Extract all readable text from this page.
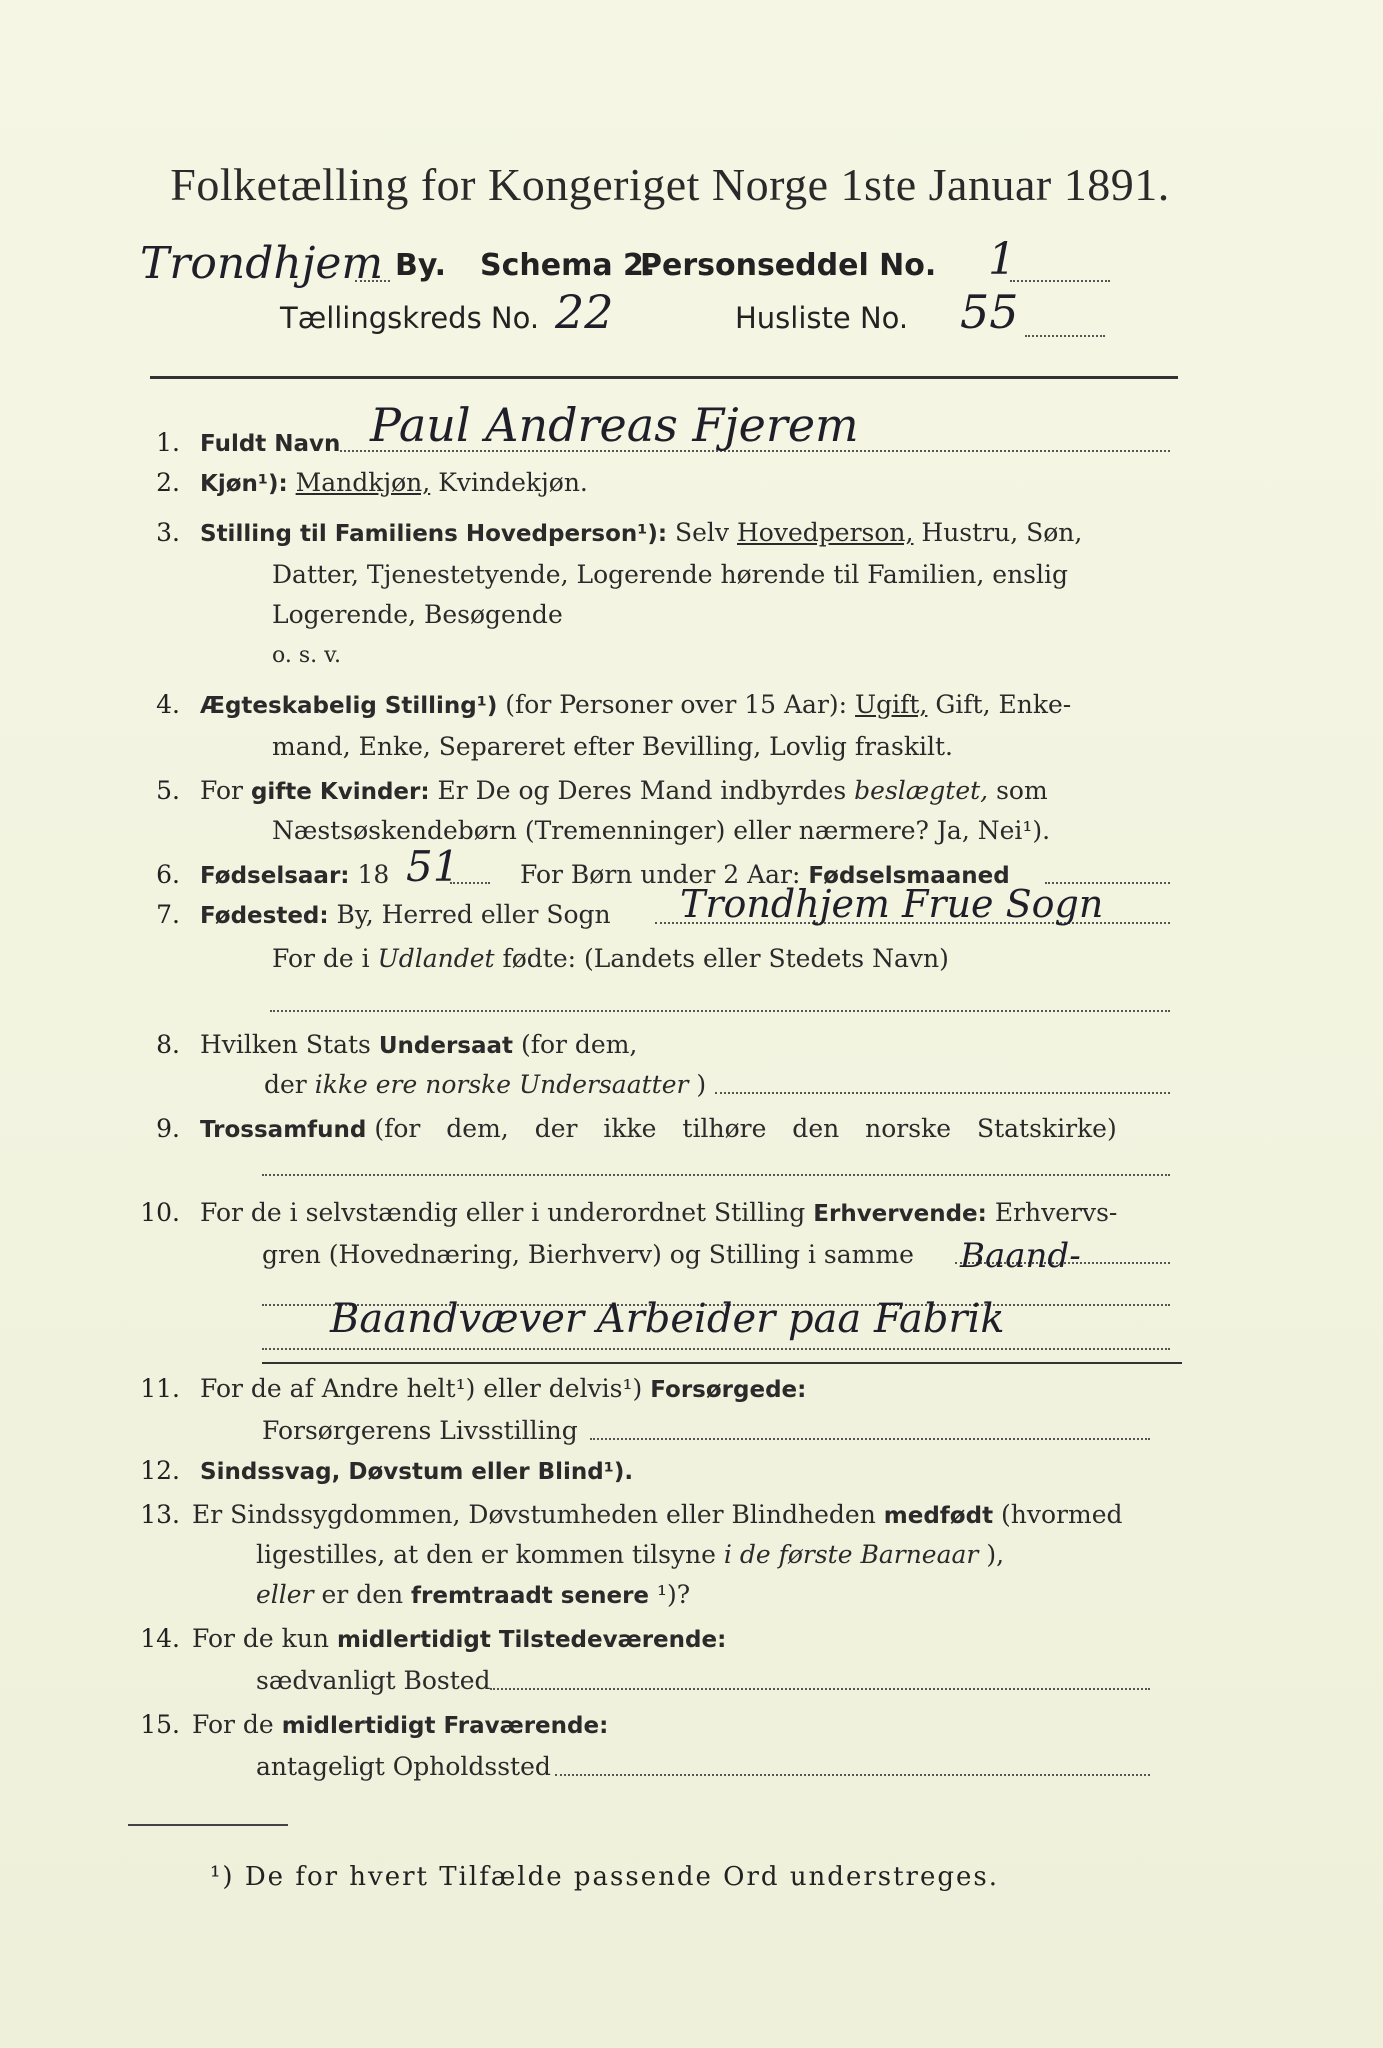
Folketælling for Kongeriget Norge 1ste Januar 1891.
Trondhjem By. Schema 2.
Personseddel No. 1
Tællingskreds No. 22	Husliste No. 55
1. Fuldt Navn Paul Andreas Fjerem
2. Kjøn¹): Mandkjøn, Kvindekjøn.
3. Stilling til Familiens Hovedperson¹): Selv Hovedperson, Hustru, Søn,
Datter, Tjenestetyende, Logerende hørende til Familien, enslig
Logerende, Besøgende
o. s. v.
4. Ægteskabelig Stilling¹) (for Personer over 15 Aar): Ugift, Gift, Enke-
mand, Enke, Separeret efter Bevilling, Lovlig fraskilt.
5. For gifte Kvinder: Er De og Deres Mand indbyrdes beslægtet, som
Næstsøskendebørn (Tremenninger) eller nærmere? Ja, Nei¹).
6. Fødselsaar: 18 51 For Børn under 2 Aar: Fødselsmaaned
7. Fødested: By, Herred eller Sogn Trondhjem Frue Sogn
For de i Udlandet fødte: (Landets eller Stedets Navn)
8. Hvilken Stats Undersaat (for dem,
der ikke ere norske Undersaatter )
9. Trossamfund (for dem, der ikke tilhøre den norske Statskirke)
10. For de i selvstændig eller i underordnet Stilling Erhvervende: Erhvervs-
gren (Hovednæring, Bierhverv) og Stilling i samme Baand-
Baandvæver Arbeider paa Fabrik
11. For de af Andre helt¹) eller delvis¹) Forsørgede:
Forsørgerens Livsstilling
12. Sindssvag, Døvstum eller Blind¹).
13. Er Sindssygdommen, Døvstumheden eller Blindheden medfødt (hvormed
ligestilles, at den er kommen tilsyne i de første Barneaar ),
eller er den fremtraadt senere ¹)?
14. For de kun midlertidigt Tilstedeværende:
sædvanligt Bosted
15. For de midlertidigt Fraværende:
antageligt Opholdssted
¹) De for hvert Tilfælde passende Ord understreges.
